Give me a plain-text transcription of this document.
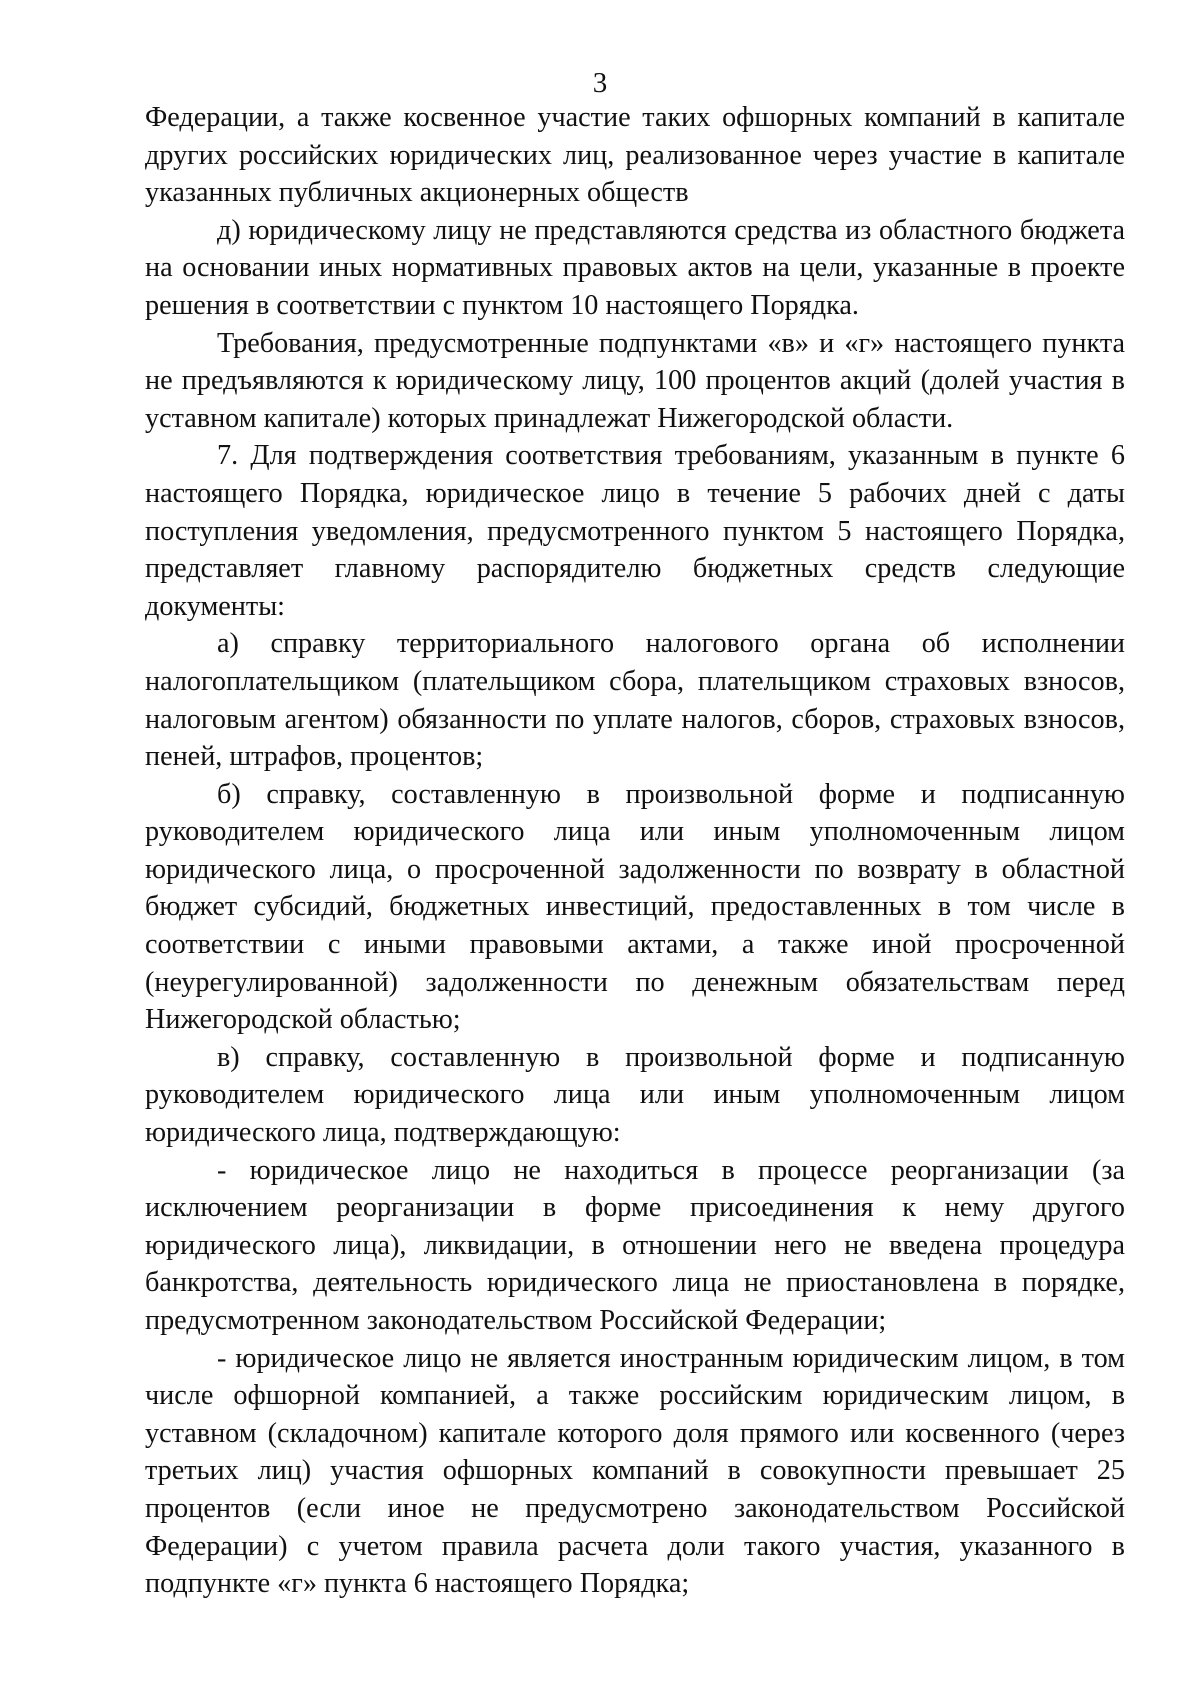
3

Федерации, а также косвенное участие таких офшорных компаний в капитале других российских юридических лиц, реализованное через участие в капитале указанных публичных акционерных обществ

д) юридическому лицу не представляются средства из областного бюджета на основании иных нормативных правовых актов на цели, указанные в проекте решения в соответствии с пунктом 10 настоящего Порядка.

Требования, предусмотренные подпунктами «в» и «г» настоящего пункта не предъявляются к юридическому лицу, 100 процентов акций (долей участия в уставном капитале) которых принадлежат Нижегородской области.

7. Для подтверждения соответствия требованиям, указанным в пункте 6 настоящего Порядка, юридическое лицо в течение 5 рабочих дней с даты поступления уведомления, предусмотренного пунктом 5 настоящего Порядка, представляет главному распорядителю бюджетных средств следующие документы:

а) справку территориального налогового органа об исполнении налогоплательщиком (плательщиком сбора, плательщиком страховых взносов, налоговым агентом) обязанности по уплате налогов, сборов, страховых взносов, пеней, штрафов, процентов;

б) справку, составленную в произвольной форме и подписанную руководителем юридического лица или иным уполномоченным лицом юридического лица, о просроченной задолженности по возврату в областной бюджет субсидий, бюджетных инвестиций, предоставленных в том числе в соответствии с иными правовыми актами, а также иной просроченной (неурегулированной) задолженности по денежным обязательствам перед Нижегородской областью;

в) справку, составленную в произвольной форме и подписанную руководителем юридического лица или иным уполномоченным лицом юридического лица, подтверждающую:

- юридическое лицо не находиться в процессе реорганизации (за исключением реорганизации в форме присоединения к нему другого юридического лица), ликвидации, в отношении него не введена процедура банкротства, деятельность юридического лица не приостановлена в порядке, предусмотренном законодательством Российской Федерации;

- юридическое лицо не является иностранным юридическим лицом, в том числе офшорной компанией, а также российским юридическим лицом, в уставном (складочном) капитале которого доля прямого или косвенного (через третьих лиц) участия офшорных компаний в совокупности превышает 25 процентов (если иное не предусмотрено законодательством Российской Федерации) с учетом правила расчета доли такого участия, указанного в подпункте «г» пункта 6 настоящего Порядка;
